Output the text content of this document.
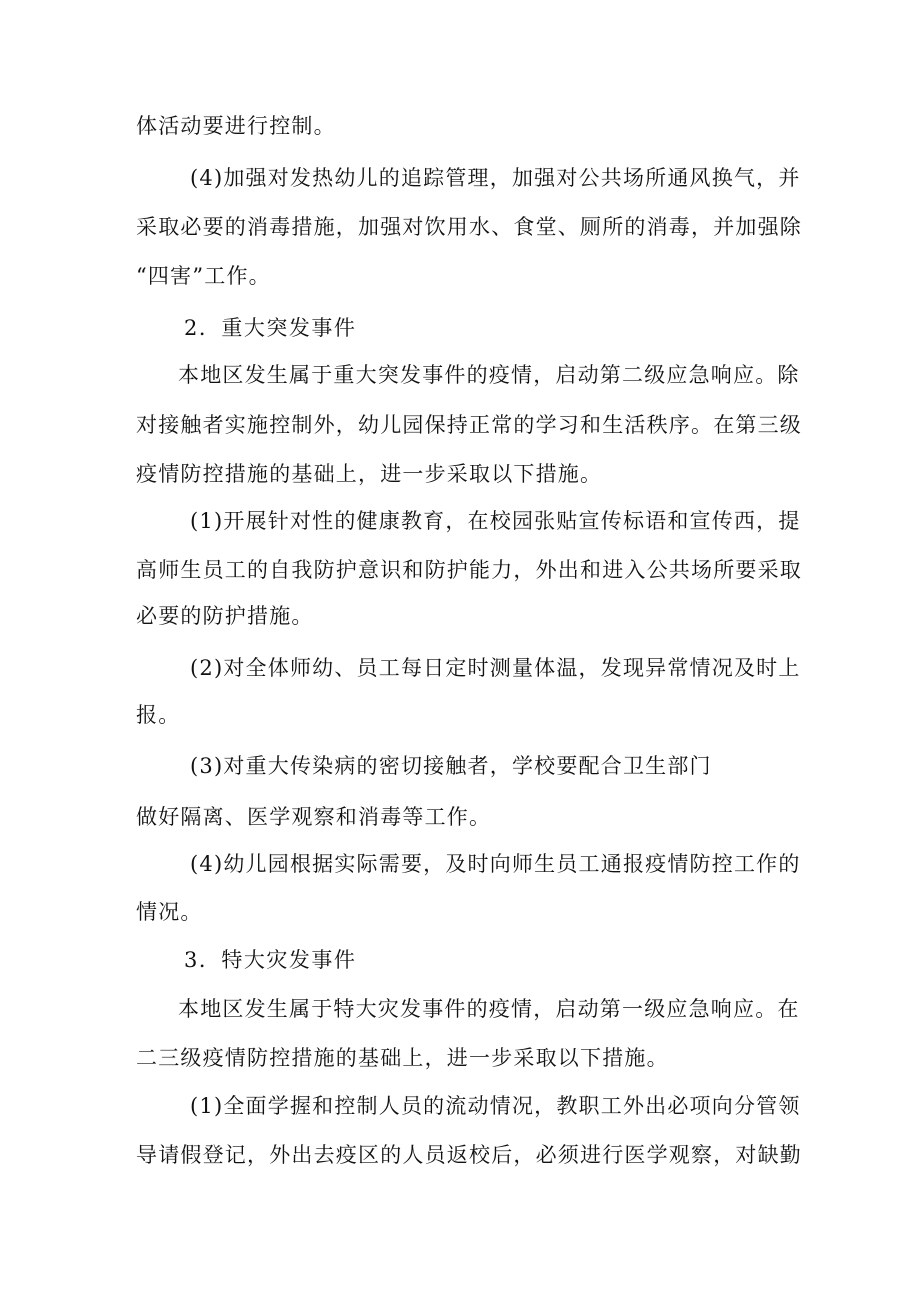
体活动要进行控制。
(4)加强对发热幼儿的追踪管理，加强对公共场所通风换气，并
采取必要的消毒措施，加强对饮用水、食堂、厕所的消毒，并加强除
“四害”工作。
2．重大突发事件
本地区发生属于重大突发事件的疫情，启动第二级应急响应。除
对接触者实施控制外，幼儿园保持正常的学习和生活秩序。在第三级
疫情防控措施的基础上，进一步采取以下措施。
(1)开展针对性的健康教育，在校园张贴宣传标语和宣传西，提
高师生员工的自我防护意识和防护能力，外出和进入公共场所要采取
必要的防护措施。
(2)对全体师幼、员工每日定时测量体温，发现异常情况及时上
报。
(3)对重大传染病的密切接触者，学校要配合卫生部门
做好隔离、医学观察和消毒等工作。
(4)幼儿园根据实际需要，及时向师生员工通报疫情防控工作的
情况。
3．特大灾发事件
本地区发生属于特大灾发事件的疫情，启动第一级应急响应。在
二三级疫情防控措施的基础上，进一步采取以下措施。
(1)全面学握和控制人员的流动情况，教职工外出必项向分管领
导请假登记，外出去疫区的人员返校后，必须进行医学观察，对缺勤
